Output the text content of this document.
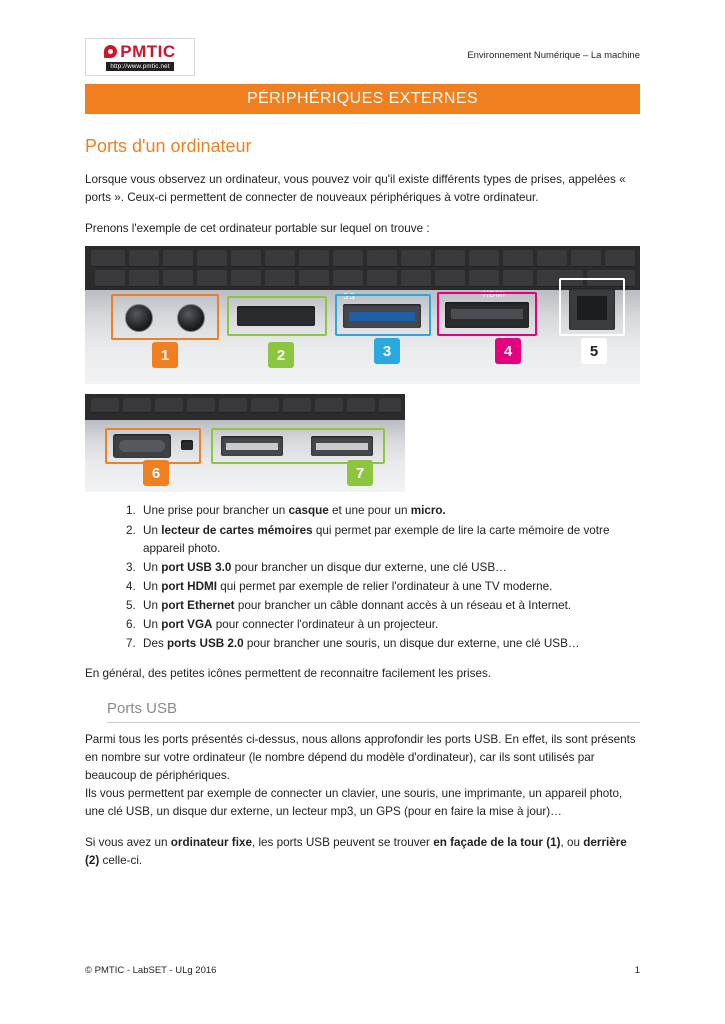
PMTIC
http://www.pmtic.net
Environnement Numérique – La machine
PÉRIPHÉRIQUES EXTERNES
Ports d'un ordinateur

Lorsque vous observez un ordinateur, vous pouvez voir qu'il existe différents types de prises, appelées « ports ». Ceux-ci permettent de connecter de nouveaux périphériques à votre ordinateur.

Prenons l'exemple de cet ordinateur portable sur lequel on trouve :

SS	HDMI
1	2	3	4	5
6	7
1. Une prise pour brancher un casque et une pour un micro.
2. Un lecteur de cartes mémoires qui permet par exemple de lire la carte mémoire de votre appareil photo.
3. Un port USB 3.0 pour brancher un disque dur externe, une clé USB…
4. Un port HDMI qui permet par exemple de relier l'ordinateur à une TV moderne.
5. Un port Ethernet pour brancher un câble donnant accès à un réseau et à Internet.
6. Un port VGA pour connecter l'ordinateur à un projecteur.
7. Des ports USB 2.0 pour brancher une souris, un disque dur externe, une clé USB…

En général, des petites icônes permettent de reconnaitre facilement les prises.

Ports USB

Parmi tous les ports présentés ci-dessus, nous allons approfondir les ports USB. En effet, ils sont présents en nombre sur votre ordinateur (le nombre dépend du modèle d'ordinateur), car ils sont utilisés par beaucoup de périphériques.

Ils vous permettent par exemple de connecter un clavier, une souris, une imprimante, un appareil photo, une clé USB, un disque dur externe, un lecteur mp3, un GPS (pour en faire la mise à jour)…

Si vous avez un ordinateur fixe, les ports USB peuvent se trouver en façade de la tour (1), ou derrière (2) celle-ci.

© PMTIC - LabSET - ULg 2016	1
